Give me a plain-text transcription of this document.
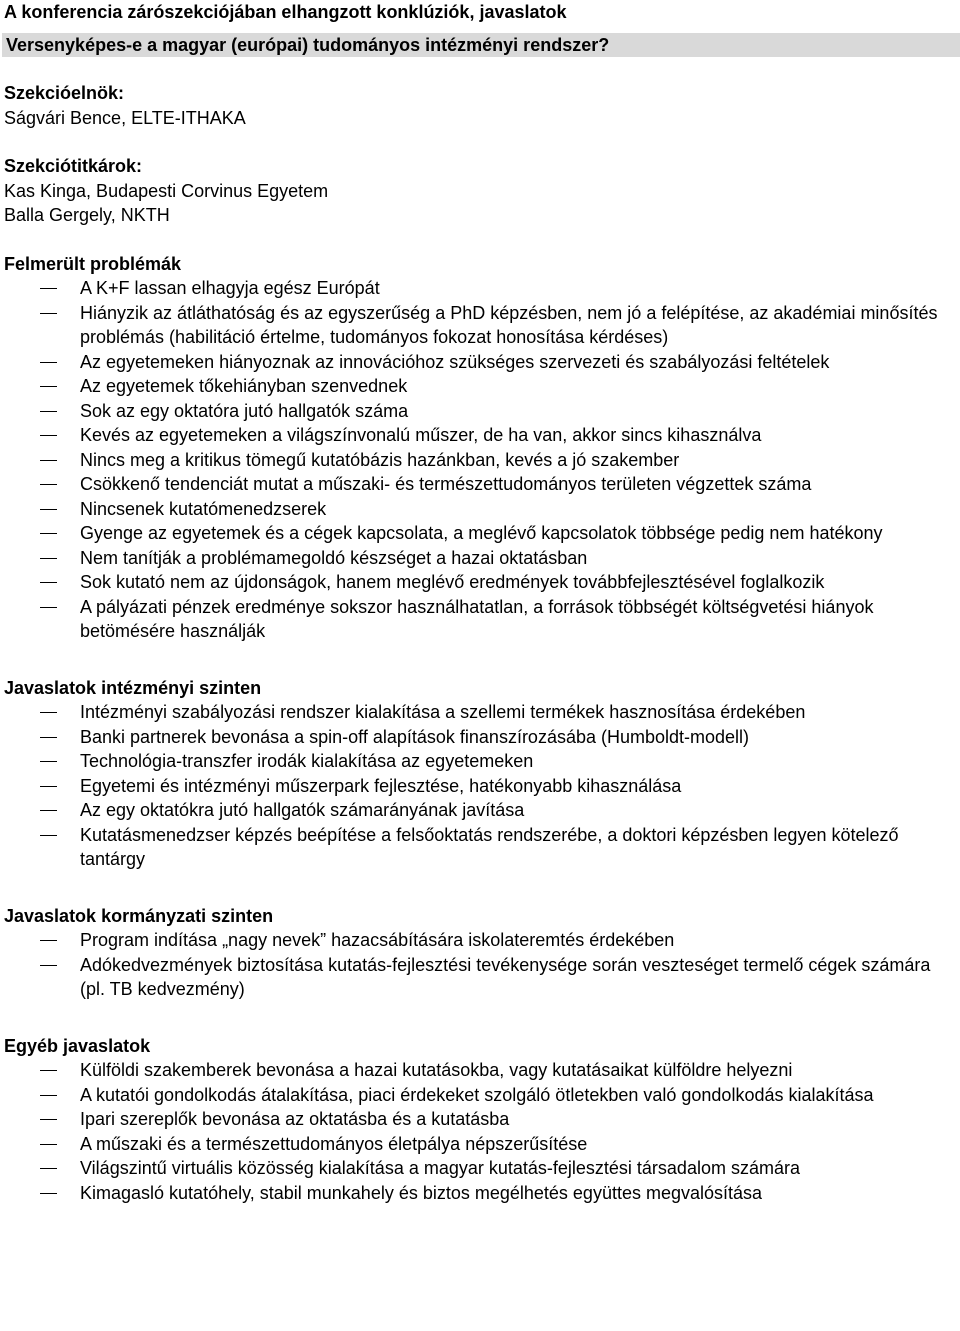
A konferencia zárószekciójában elhangzott konklúziók, javaslatok

Versenyképes-e a magyar (európai) tudományos intézményi rendszer?

Szekcióelnök:

Ságvári Bence, ELTE-ITHAKA

Szekciótitkárok:

Kas Kinga, Budapesti Corvinus Egyetem

Balla Gergely, NKTH

Felmerült problémák

A K+F lassan elhagyja egész Európát
Hiányzik az átláthatóság és az egyszerűség a PhD képzésben, nem jó a felépítése, az akadémiai minősítés problémás (habilitáció értelme, tudományos fokozat honosítása kérdéses)
Az egyetemeken hiányoznak az innovációhoz szükséges szervezeti és szabályozási feltételek
Az egyetemek tőkehiányban szenvednek
Sok az egy oktatóra jutó hallgatók száma
Kevés az egyetemeken a világszínvonalú műszer, de ha van, akkor sincs kihasználva
Nincs meg a kritikus tömegű kutatóbázis hazánkban, kevés a jó szakember
Csökkenő tendenciát mutat a műszaki- és természettudományos területen végzettek száma
Nincsenek kutatómenedzserek
Gyenge az egyetemek és a cégek kapcsolata, a meglévő kapcsolatok többsége pedig nem hatékony
Nem tanítják a problémamegoldó készséget a hazai oktatásban
Sok kutató nem az újdonságok, hanem meglévő eredmények továbbfejlesztésével foglalkozik
A pályázati pénzek eredménye sokszor használhatatlan, a források többségét költségvetési hiányok betömésére használják

Javaslatok intézményi szinten

Intézményi szabályozási rendszer kialakítása a szellemi termékek hasznosítása érdekében
Banki partnerek bevonása a spin-off alapítások finanszírozásába (Humboldt-modell)
Technológia-transzfer irodák kialakítása az egyetemeken
Egyetemi és intézményi műszerpark fejlesztése, hatékonyabb kihasználása
Az egy oktatókra jutó hallgatók számarányának javítása
Kutatásmenedzser képzés beépítése a felsőoktatás rendszerébe, a doktori képzésben legyen kötelező tantárgy

Javaslatok kormányzati szinten

Program indítása „nagy nevek” hazacsábítására iskolateremtés érdekében
Adókedvezmények biztosítása kutatás-fejlesztési tevékenysége során veszteséget termelő cégek számára (pl. TB kedvezmény)

Egyéb javaslatok

Külföldi szakemberek bevonása a hazai kutatásokba, vagy kutatásaikat külföldre helyezni
A kutatói gondolkodás átalakítása, piaci érdekeket szolgáló ötletekben való gondolkodás kialakítása
Ipari szereplők bevonása az oktatásba és a kutatásba
A műszaki és a természettudományos életpálya népszerűsítése
Világszintű virtuális közösség kialakítása a magyar kutatás-fejlesztési társadalom számára
Kimagasló kutatóhely, stabil munkahely és biztos megélhetés együttes megvalósítása
